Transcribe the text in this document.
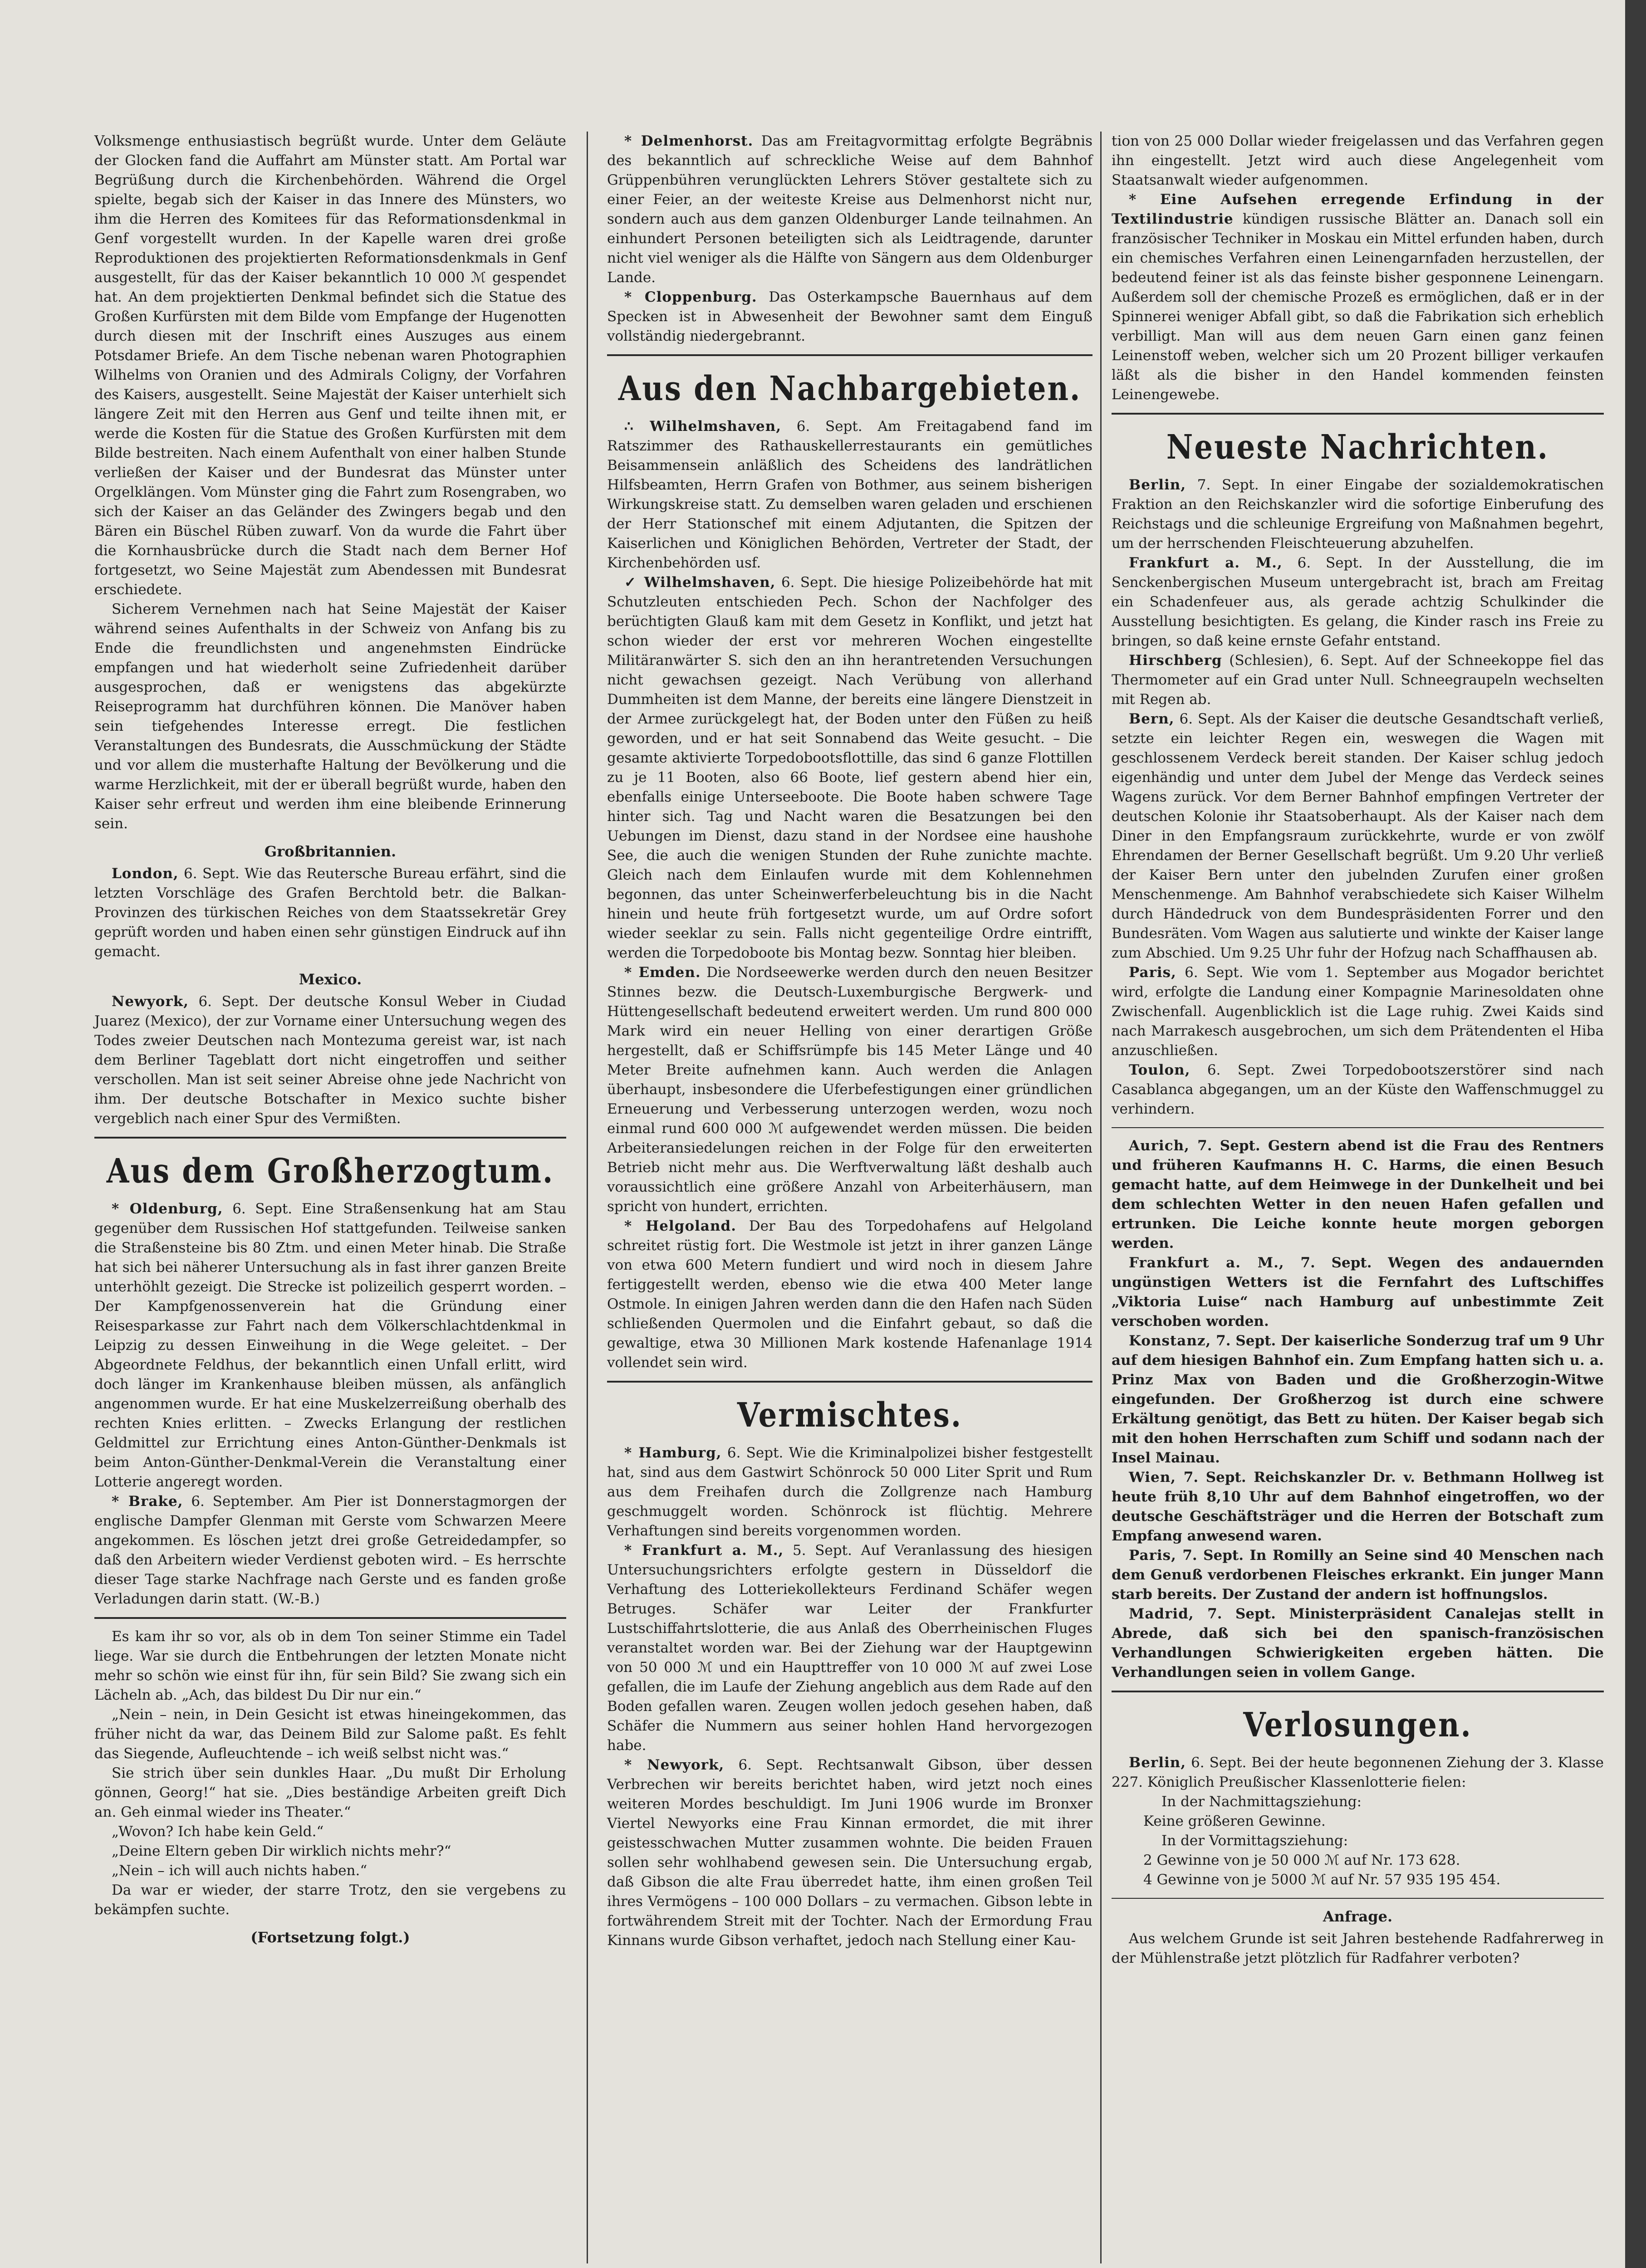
Volksmenge enthusiastisch begrüßt wurde. Unter dem Geläute der Glocken fand die Auffahrt am Münster statt. Am Portal war Begrüßung durch die Kirchenbehörden. Während die Orgel spielte, begab sich der Kaiser in das Innere des Münsters, wo ihm die Herren des Komitees für das Reformationsdenkmal in Genf vorgestellt wurden. In der Kapelle waren drei große Reproduktionen des projektierten Reformationsdenkmals in Genf ausgestellt, für das der Kaiser bekanntlich 10 000 ℳ gespendet hat. An dem projektierten Denkmal befindet sich die Statue des Großen Kurfürsten mit dem Bilde vom Empfange der Hugenotten durch diesen mit der Inschrift eines Auszuges aus einem Potsdamer Briefe. An dem Tische nebenan waren Photographien Wilhelms von Oranien und des Admirals Coligny, der Vorfahren des Kaisers, ausgestellt. Seine Majestät der Kaiser unterhielt sich längere Zeit mit den Herren aus Genf und teilte ihnen mit, er werde die Kosten für die Statue des Großen Kurfürsten mit dem Bilde bestreiten. Nach einem Aufenthalt von einer halben Stunde verließen der Kaiser und der Bundesrat das Münster unter Orgelklängen. Vom Münster ging die Fahrt zum Rosengraben, wo sich der Kaiser an das Geländer des Zwingers begab und den Bären ein Büschel Rüben zuwarf. Von da wurde die Fahrt über die Kornhausbrücke durch die Stadt nach dem Berner Hof fortgesetzt, wo Seine Majestät zum Abendessen mit Bundesrat erschiedete.

Sicherem Vernehmen nach hat Seine Majestät der Kaiser während seines Aufenthalts in der Schweiz von Anfang bis zu Ende die freundlichsten und angenehmsten Eindrücke empfangen und hat wiederholt seine Zufriedenheit darüber ausgesprochen, daß er wenigstens das abgekürzte Reiseprogramm hat durchführen können. Die Manöver haben sein tiefgehendes Interesse erregt. Die festlichen Veranstaltungen des Bundesrats, die Ausschmückung der Städte und vor allem die musterhafte Haltung der Bevölkerung und die warme Herzlichkeit, mit der er überall begrüßt wurde, haben den Kaiser sehr erfreut und werden ihm eine bleibende Erinnerung sein.

Großbritannien.

London, 6. Sept. Wie das Reutersche Bureau erfährt, sind die letzten Vorschläge des Grafen Berchtold betr. die Balkan-Provinzen des türkischen Reiches von dem Staatssekretär Grey geprüft worden und haben einen sehr günstigen Eindruck auf ihn gemacht.

Mexico.

Newyork, 6. Sept. Der deutsche Konsul Weber in Ciudad Juarez (Mexico), der zur Vorname einer Untersuchung wegen des Todes zweier Deutschen nach Montezuma gereist war, ist nach dem Berliner Tageblatt dort nicht eingetroffen und seither verschollen. Man ist seit seiner Abreise ohne jede Nachricht von ihm. Der deutsche Botschafter in Mexico suchte bisher vergeblich nach einer Spur des Vermißten.

Aus dem Großherzogtum.

* Oldenburg, 6. Sept. Eine Straßensenkung hat am Stau gegenüber dem Russischen Hof stattgefunden. Teilweise sanken die Straßensteine bis 80 Ztm. und einen Meter hinab. Die Straße hat sich bei näherer Untersuchung als in fast ihrer ganzen Breite unterhöhlt gezeigt. Die Strecke ist polizeilich gesperrt worden. – Der Kampfgenossenverein hat die Gründung einer Reisesparkasse zur Fahrt nach dem Völkerschlachtdenkmal in Leipzig zu dessen Einweihung in die Wege geleitet. – Der Abgeordnete Feldhus, der bekanntlich einen Unfall erlitt, wird doch länger im Krankenhause bleiben müssen, als anfänglich angenommen wurde. Er hat eine Muskelzerreißung oberhalb des rechten Knies erlitten. – Zwecks Erlangung der restlichen Geldmittel zur Errichtung eines Anton-Günther-Denkmals ist beim Anton-Günther-Denkmal-Verein die Veranstaltung einer Lotterie angeregt worden.

* Brake, 6. September. Am Pier ist Donnerstagmorgen der englische Dampfer Glenman mit Gerste vom Schwarzen Meere angekommen. Es löschen jetzt drei große Getreidedampfer, so daß den Arbeitern wieder Verdienst geboten wird. – Es herrschte dieser Tage starke Nachfrage nach Gerste und es fanden große Verladungen darin statt. (W.-B.)

Es kam ihr so vor, als ob in dem Ton seiner Stimme ein Tadel liege. War sie durch die Entbehrungen der letzten Monate nicht mehr so schön wie einst für ihn, für sein Bild? Sie zwang sich ein Lächeln ab. „Ach, das bildest Du Dir nur ein.“

„Nein – nein, in Dein Gesicht ist etwas hineingekommen, das früher nicht da war, das Deinem Bild zur Salome paßt. Es fehlt das Siegende, Aufleuchtende – ich weiß selbst nicht was.“

Sie strich über sein dunkles Haar. „Du mußt Dir Erholung gönnen, Georg!“ hat sie. „Dies beständige Arbeiten greift Dich an. Geh einmal wieder ins Theater.“

„Wovon? Ich habe kein Geld.“

„Deine Eltern geben Dir wirklich nichts mehr?“

„Nein – ich will auch nichts haben.“

Da war er wieder, der starre Trotz, den sie vergebens zu bekämpfen suchte.

(Fortsetzung folgt.)

* Delmenhorst. Das am Freitagvormittag erfolgte Begräbnis des bekanntlich auf schreckliche Weise auf dem Bahnhof Grüppenbühren verunglückten Lehrers Stöver gestaltete sich zu einer Feier, an der weiteste Kreise aus Delmenhorst nicht nur, sondern auch aus dem ganzen Oldenburger Lande teilnahmen. An einhundert Personen beteiligten sich als Leidtragende, darunter nicht viel weniger als die Hälfte von Sängern aus dem Oldenburger Lande.

* Cloppenburg. Das Osterkampsche Bauernhaus auf dem Specken ist in Abwesenheit der Bewohner samt dem Einguß vollständig niedergebrannt.

Aus den Nachbargebieten.

∴ Wilhelmshaven, 6. Sept. Am Freitagabend fand im Ratszimmer des Rathauskellerrestaurants ein gemütliches Beisammensein anläßlich des Scheidens des landrätlichen Hilfsbeamten, Herrn Grafen von Bothmer, aus seinem bisherigen Wirkungskreise statt. Zu demselben waren geladen und erschienen der Herr Stationschef mit einem Adjutanten, die Spitzen der Kaiserlichen und Königlichen Behörden, Vertreter der Stadt, der Kirchenbehörden usf.

✓ Wilhelmshaven, 6. Sept. Die hiesige Polizeibehörde hat mit Schutzleuten entschieden Pech. Schon der Nachfolger des berüchtigten Glauß kam mit dem Gesetz in Konflikt, und jetzt hat schon wieder der erst vor mehreren Wochen eingestellte Militäranwärter S. sich den an ihn herantretenden Versuchungen nicht gewachsen gezeigt. Nach Verübung von allerhand Dummheiten ist dem Manne, der bereits eine längere Dienstzeit in der Armee zurückgelegt hat, der Boden unter den Füßen zu heiß geworden, und er hat seit Sonnabend das Weite gesucht. – Die gesamte aktivierte Torpedobootsflottille, das sind 6 ganze Flottillen zu je 11 Booten, also 66 Boote, lief gestern abend hier ein, ebenfalls einige Unterseeboote. Die Boote haben schwere Tage hinter sich. Tag und Nacht waren die Besatzungen bei den Uebungen im Dienst, dazu stand in der Nordsee eine haushohe See, die auch die wenigen Stunden der Ruhe zunichte machte. Gleich nach dem Einlaufen wurde mit dem Kohlennehmen begonnen, das unter Scheinwerferbeleuchtung bis in die Nacht hinein und heute früh fortgesetzt wurde, um auf Ordre sofort wieder seeklar zu sein. Falls nicht gegenteilige Ordre eintrifft, werden die Torpedoboote bis Montag bezw. Sonntag hier bleiben.

* Emden. Die Nordseewerke werden durch den neuen Besitzer Stinnes bezw. die Deutsch-Luxemburgische Bergwerk- und Hüttengesellschaft bedeutend erweitert werden. Um rund 800 000 Mark wird ein neuer Helling von einer derartigen Größe hergestellt, daß er Schiffsrümpfe bis 145 Meter Länge und 40 Meter Breite aufnehmen kann. Auch werden die Anlagen überhaupt, insbesondere die Uferbefestigungen einer gründlichen Erneuerung und Verbesserung unterzogen werden, wozu noch einmal rund 600 000 ℳ aufgewendet werden müssen. Die beiden Arbeiteransiedelungen reichen in der Folge für den erweiterten Betrieb nicht mehr aus. Die Werftverwaltung läßt deshalb auch voraussichtlich eine größere Anzahl von Arbeiterhäusern, man spricht von hundert, errichten.

* Helgoland. Der Bau des Torpedohafens auf Helgoland schreitet rüstig fort. Die Westmole ist jetzt in ihrer ganzen Länge von etwa 600 Metern fundiert und wird noch in diesem Jahre fertiggestellt werden, ebenso wie die etwa 400 Meter lange Ostmole. In einigen Jahren werden dann die den Hafen nach Süden schließenden Quermolen und die Einfahrt gebaut, so daß die gewaltige, etwa 30 Millionen Mark kostende Hafenanlage 1914 vollendet sein wird.

Vermischtes.

* Hamburg, 6. Sept. Wie die Kriminalpolizei bisher festgestellt hat, sind aus dem Gastwirt Schönrock 50 000 Liter Sprit und Rum aus dem Freihafen durch die Zollgrenze nach Hamburg geschmuggelt worden. Schönrock ist flüchtig. Mehrere Verhaftungen sind bereits vorgenommen worden.

* Frankfurt a. M., 5. Sept. Auf Veranlassung des hiesigen Untersuchungsrichters erfolgte gestern in Düsseldorf die Verhaftung des Lotteriekollekteurs Ferdinand Schäfer wegen Betruges. Schäfer war Leiter der Frankfurter Lustschiffahrtslotterie, die aus Anlaß des Oberrheinischen Fluges veranstaltet worden war. Bei der Ziehung war der Hauptgewinn von 50 000 ℳ und ein Haupttreffer von 10 000 ℳ auf zwei Lose gefallen, die im Laufe der Ziehung angeblich aus dem Rade auf den Boden gefallen waren. Zeugen wollen jedoch gesehen haben, daß Schäfer die Nummern aus seiner hohlen Hand hervorgezogen habe.

* Newyork, 6. Sept. Rechtsanwalt Gibson, über dessen Verbrechen wir bereits berichtet haben, wird jetzt noch eines weiteren Mordes beschuldigt. Im Juni 1906 wurde im Bronxer Viertel Newyorks eine Frau Kinnan ermordet, die mit ihrer geistesschwachen Mutter zusammen wohnte. Die beiden Frauen sollen sehr wohlhabend gewesen sein. Die Untersuchung ergab, daß Gibson die alte Frau überredet hatte, ihm einen großen Teil ihres Vermögens – 100 000 Dollars – zu vermachen. Gibson lebte in fortwährendem Streit mit der Tochter. Nach der Ermordung Frau Kinnans wurde Gibson verhaftet, jedoch nach Stellung einer Kau-

tion von 25 000 Dollar wieder freigelassen und das Verfahren gegen ihn eingestellt. Jetzt wird auch diese Angelegenheit vom Staatsanwalt wieder aufgenommen.

* Eine Aufsehen erregende Erfindung in der Textilindustrie kündigen russische Blätter an. Danach soll ein französischer Techniker in Moskau ein Mittel erfunden haben, durch ein chemisches Verfahren einen Leinengarnfaden herzustellen, der bedeutend feiner ist als das feinste bisher gesponnene Leinengarn. Außerdem soll der chemische Prozeß es ermöglichen, daß er in der Spinnerei weniger Abfall gibt, so daß die Fabrikation sich erheblich verbilligt. Man will aus dem neuen Garn einen ganz feinen Leinenstoff weben, welcher sich um 20 Prozent billiger verkaufen läßt als die bisher in den Handel kommenden feinsten Leinengewebe.

Neueste Nachrichten.

Berlin, 7. Sept. In einer Eingabe der sozialdemokratischen Fraktion an den Reichskanzler wird die sofortige Einberufung des Reichstags und die schleunige Ergreifung von Maßnahmen begehrt, um der herrschenden Fleischteuerung abzuhelfen.

Frankfurt a. M., 6. Sept. In der Ausstellung, die im Senckenbergischen Museum untergebracht ist, brach am Freitag ein Schadenfeuer aus, als gerade achtzig Schulkinder die Ausstellung besichtigten. Es gelang, die Kinder rasch ins Freie zu bringen, so daß keine ernste Gefahr entstand.

Hirschberg (Schlesien), 6. Sept. Auf der Schneekoppe fiel das Thermometer auf ein Grad unter Null. Schneegraupeln wechselten mit Regen ab.

Bern, 6. Sept. Als der Kaiser die deutsche Gesandtschaft verließ, setzte ein leichter Regen ein, weswegen die Wagen mit geschlossenem Verdeck bereit standen. Der Kaiser schlug jedoch eigenhändig und unter dem Jubel der Menge das Verdeck seines Wagens zurück. Vor dem Berner Bahnhof empfingen Vertreter der deutschen Kolonie ihr Staatsoberhaupt. Als der Kaiser nach dem Diner in den Empfangsraum zurückkehrte, wurde er von zwölf Ehrendamen der Berner Gesellschaft begrüßt. Um 9.20 Uhr verließ der Kaiser Bern unter den jubelnden Zurufen einer großen Menschenmenge. Am Bahnhof verabschiedete sich Kaiser Wilhelm durch Händedruck von dem Bundespräsidenten Forrer und den Bundesräten. Vom Wagen aus salutierte und winkte der Kaiser lange zum Abschied. Um 9.25 Uhr fuhr der Hofzug nach Schaffhausen ab.

Paris, 6. Sept. Wie vom 1. September aus Mogador berichtet wird, erfolgte die Landung einer Kompagnie Marinesoldaten ohne Zwischenfall. Augenblicklich ist die Lage ruhig. Zwei Kaids sind nach Marrakesch ausgebrochen, um sich dem Prätendenten el Hiba anzuschließen.

Toulon, 6. Sept. Zwei Torpedobootszerstörer sind nach Casablanca abgegangen, um an der Küste den Waffenschmuggel zu verhindern.

Aurich, 7. Sept. Gestern abend ist die Frau des Rentners und früheren Kaufmanns H. C. Harms, die einen Besuch gemacht hatte, auf dem Heimwege in der Dunkelheit und bei dem schlechten Wetter in den neuen Hafen gefallen und ertrunken. Die Leiche konnte heute morgen geborgen werden.

Frankfurt a. M., 7. Sept. Wegen des andauernden ungünstigen Wetters ist die Fernfahrt des Luftschiffes „Viktoria Luise“ nach Hamburg auf unbestimmte Zeit verschoben worden.

Konstanz, 7. Sept. Der kaiserliche Sonderzug traf um 9 Uhr auf dem hiesigen Bahnhof ein. Zum Empfang hatten sich u. a. Prinz Max von Baden und die Großherzogin-Witwe eingefunden. Der Großherzog ist durch eine schwere Erkältung genötigt, das Bett zu hüten. Der Kaiser begab sich mit den hohen Herrschaften zum Schiff und sodann nach der Insel Mainau.

Wien, 7. Sept. Reichskanzler Dr. v. Bethmann Hollweg ist heute früh 8,10 Uhr auf dem Bahnhof eingetroffen, wo der deutsche Geschäftsträger und die Herren der Botschaft zum Empfang anwesend waren.

Paris, 7. Sept. In Romilly an Seine sind 40 Menschen nach dem Genuß verdorbenen Fleisches erkrankt. Ein junger Mann starb bereits. Der Zustand der andern ist hoffnungslos.

Madrid, 7. Sept. Ministerpräsident Canalejas stellt in Abrede, daß sich bei den spanisch-französischen Verhandlungen Schwierigkeiten ergeben hätten. Die Verhandlungen seien in vollem Gange.

Verlosungen.

Berlin, 6. Sept. Bei der heute begonnenen Ziehung der 3. Klasse 227. Königlich Preußischer Klassenlotterie fielen:

In der Nachmittagsziehung:

Keine größeren Gewinne.

In der Vormittagsziehung:

2 Gewinne von je 50 000 ℳ auf Nr. 173 628.

4 Gewinne von je 5000 ℳ auf Nr. 57 935 195 454.

Anfrage.

Aus welchem Grunde ist seit Jahren bestehende Radfahrerweg in der Mühlenstraße jetzt plötzlich für Radfahrer verboten?
